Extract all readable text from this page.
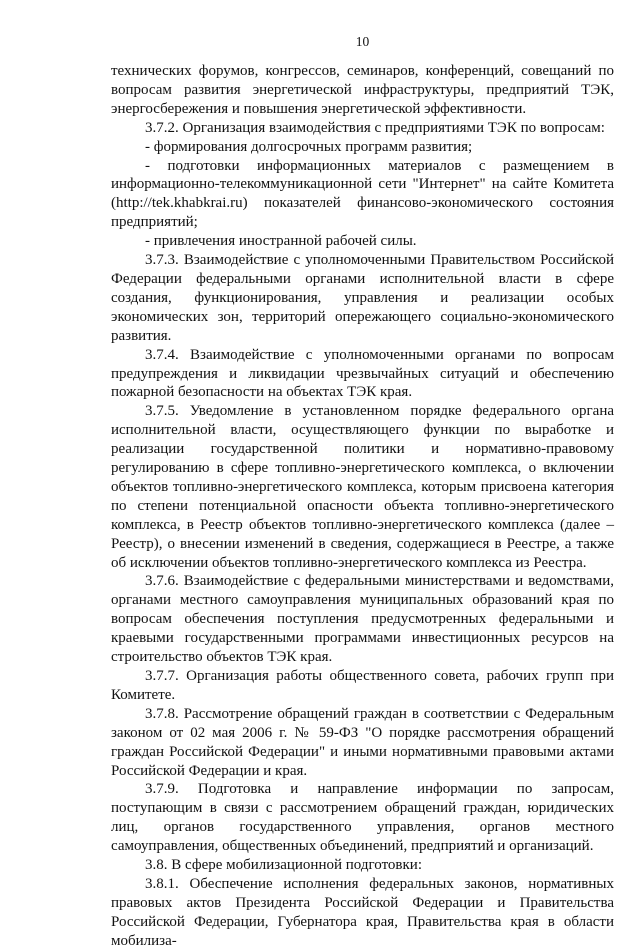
10

технических форумов, конгрессов, семинаров, конференций, совещаний по вопросам развития энергетической инфраструктуры, предприятий ТЭК, энергосбережения и повышения энергетической эффективности.

3.7.2. Организация взаимодействия с предприятиями ТЭК по вопросам:

- формирования долгосрочных программ развития;

- подготовки информационных материалов с размещением в информационно-телекоммуникационной сети "Интернет" на сайте Комитета (http://tek.khabkrai.ru) показателей финансово-экономического состояния предприятий;

- привлечения иностранной рабочей силы.

3.7.3. Взаимодействие с уполномоченными Правительством Российской Федерации федеральными органами исполнительной власти в сфере создания, функционирования, управления и реализации особых экономических зон, территорий опережающего социально-экономического развития.

3.7.4. Взаимодействие с уполномоченными органами по вопросам предупреждения и ликвидации чрезвычайных ситуаций и обеспечению пожарной безопасности на объектах ТЭК края.

3.7.5. Уведомление в установленном порядке федерального органа исполнительной власти, осуществляющего функции по выработке и реализации государственной политики и нормативно-правовому регулированию в сфере топливно-энергетического комплекса, о включении объектов топливно-энергетического комплекса, которым присвоена категория по степени потенциальной опасности объекта топливно-энергетического комплекса, в Реестр объектов топливно-энергетического комплекса (далее – Реестр), о внесении изменений в сведения, содержащиеся в Реестре, а также об исключении объектов топливно-энергетического комплекса из Реестра.

3.7.6. Взаимодействие с федеральными министерствами и ведомствами, органами местного самоуправления муниципальных образований края по вопросам обеспечения поступления предусмотренных федеральными и краевыми государственными программами инвестиционных ресурсов на строительство объектов ТЭК края.

3.7.7. Организация работы общественного совета, рабочих групп при Комитете.

3.7.8. Рассмотрение обращений граждан в соответствии с Федеральным законом от 02 мая 2006 г. № 59-ФЗ "О порядке рассмотрения обращений граждан Российской Федерации" и иными нормативными правовыми актами Российской Федерации и края.

3.7.9. Подготовка и направление информации по запросам, поступающим в связи с рассмотрением обращений граждан, юридических лиц, органов государственного управления, органов местного самоуправления, общественных объединений, предприятий и организаций.

3.8. В сфере мобилизационной подготовки:

3.8.1. Обеспечение исполнения федеральных законов, нормативных правовых актов Президента Российской Федерации и Правительства Российской Федерации, Губернатора края, Правительства края в области мобилиза-
